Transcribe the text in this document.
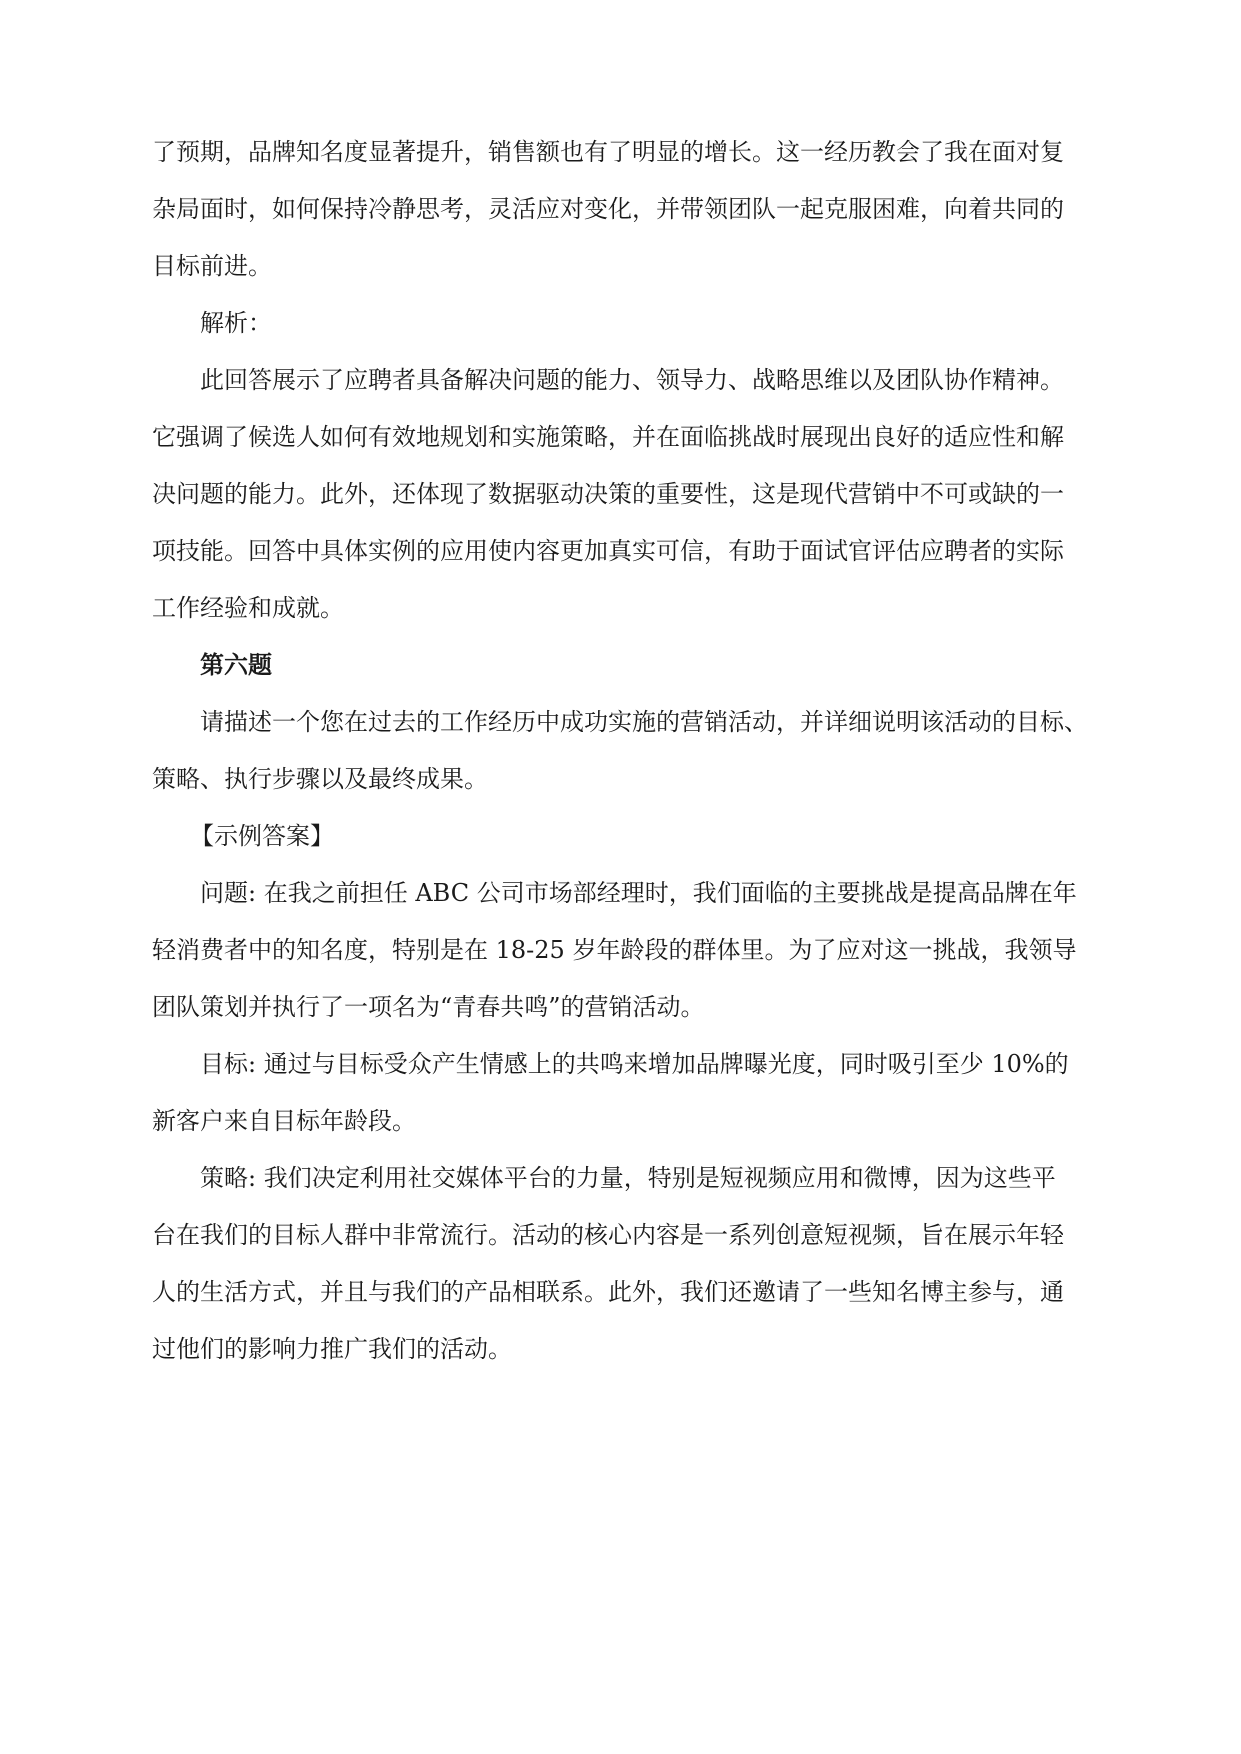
了预期，品牌知名度显著提升，销售额也有了明显的增长。这一经历教会了我在面对复

杂局面时，如何保持冷静思考，灵活应对变化，并带领团队一起克服困难，向着共同的

目标前进。

解析：

此回答展示了应聘者具备解决问题的能力、领导力、战略思维以及团队协作精神。

它强调了候选人如何有效地规划和实施策略，并在面临挑战时展现出良好的适应性和解

决问题的能力。此外，还体现了数据驱动决策的重要性，这是现代营销中不可或缺的一

项技能。回答中具体实例的应用使内容更加真实可信，有助于面试官评估应聘者的实际

工作经验和成就。

第六题

请描述一个您在过去的工作经历中成功实施的营销活动，并详细说明该活动的目标、

策略、执行步骤以及最终成果。

【示例答案】

问题: 在我之前担任 ABC 公司市场部经理时，我们面临的主要挑战是提高品牌在年

轻消费者中的知名度，特别是在 18-25 岁年龄段的群体里。为了应对这一挑战，我领导

团队策划并执行了一项名为“青春共鸣”的营销活动。

目标: 通过与目标受众产生情感上的共鸣来增加品牌曝光度，同时吸引至少 10%的

新客户来自目标年龄段。

策略: 我们决定利用社交媒体平台的力量，特别是短视频应用和微博，因为这些平

台在我们的目标人群中非常流行。活动的核心内容是一系列创意短视频，旨在展示年轻

人的生活方式，并且与我们的产品相联系。此外，我们还邀请了一些知名博主参与，通

过他们的影响力推广我们的活动。
